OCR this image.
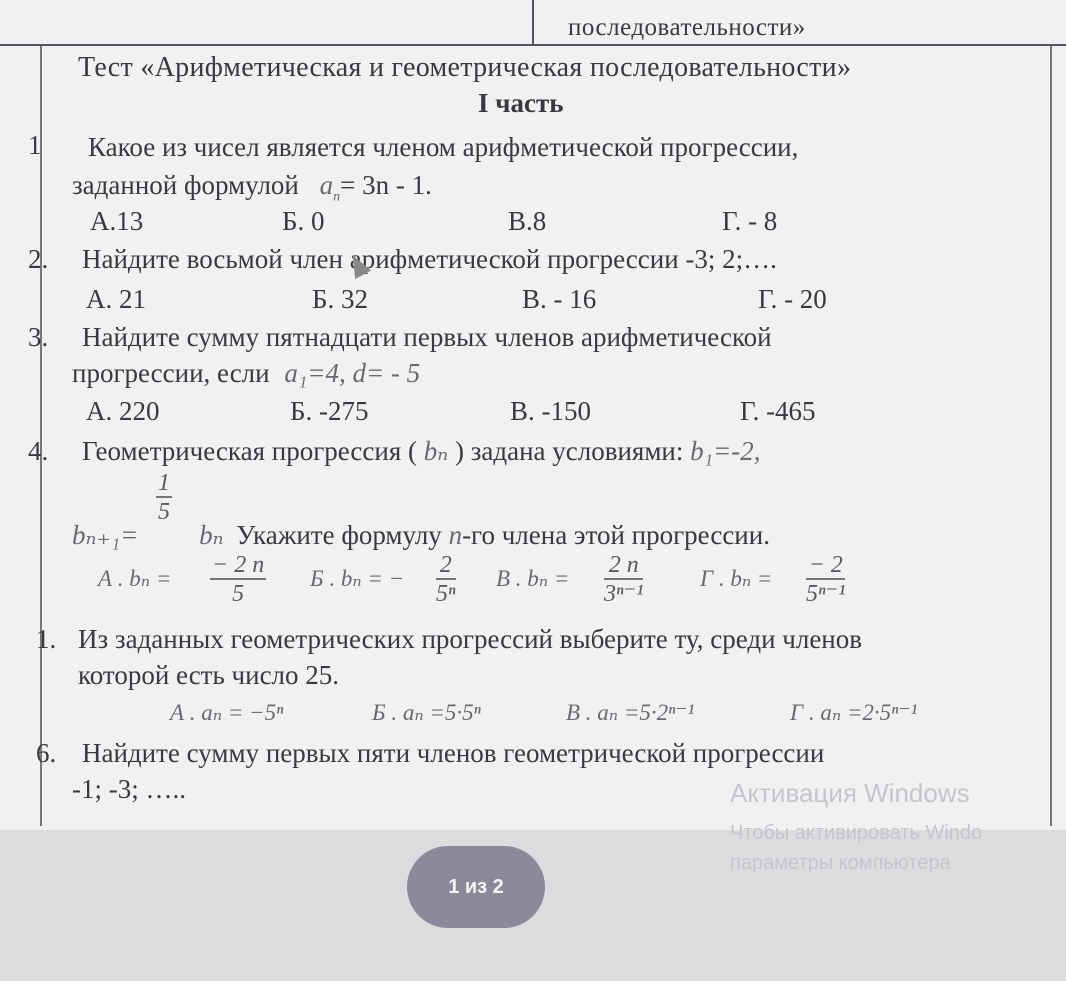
последовательности»
Тест «Арифметическая и геометрическая последовательности»
I часть
1 Какое из чисел является членом арифметической прогрессии,
заданной формулой $a_n= 3n - 1$.
А.13	Б. 0	В.8	Г. - 8
2. Найдите восьмой член арифметической прогрессии -3; 2;….
А. 21	Б. 32	В. - 16	Г. - 20
3. Найдите сумму пятнадцати первых членов арифметической
прогрессии, если a₁=4, d= - 5
А. 220	Б. -275	В. -150	Г. -465
4. Геометрическая прогрессия ( bₙ ) задана условиями: b₁=-2,
$\frac{1}{5}$
bₙ₊₁= bₙ Укажите формулу n-го члена этой прогрессии.
А . $b_n = \frac{- 2 n}{5}$ Б . bₙ = − $\frac{2}{\text{5ⁿ}}$ В . $b_n = \frac{2 n}{\text{3ⁿ⁻¹}}$ Г . $b_n = \frac{- 2}{\text{5ⁿ⁻¹}}$
1. Из заданных геометрических прогрессий выберите ту, среди членов
которой есть число 25.
А . aₙ = −5ⁿ	Б . aₙ =5·5ⁿ	В . aₙ =5·2ⁿ⁻¹	Г . aₙ =2·5ⁿ⁻¹
6. Найдите сумму первых пяти членов геометрической прогрессии
-1; -3; …..	Активация Windows
Чтобы активировать Windo
параметры компьютера
1 из 2
